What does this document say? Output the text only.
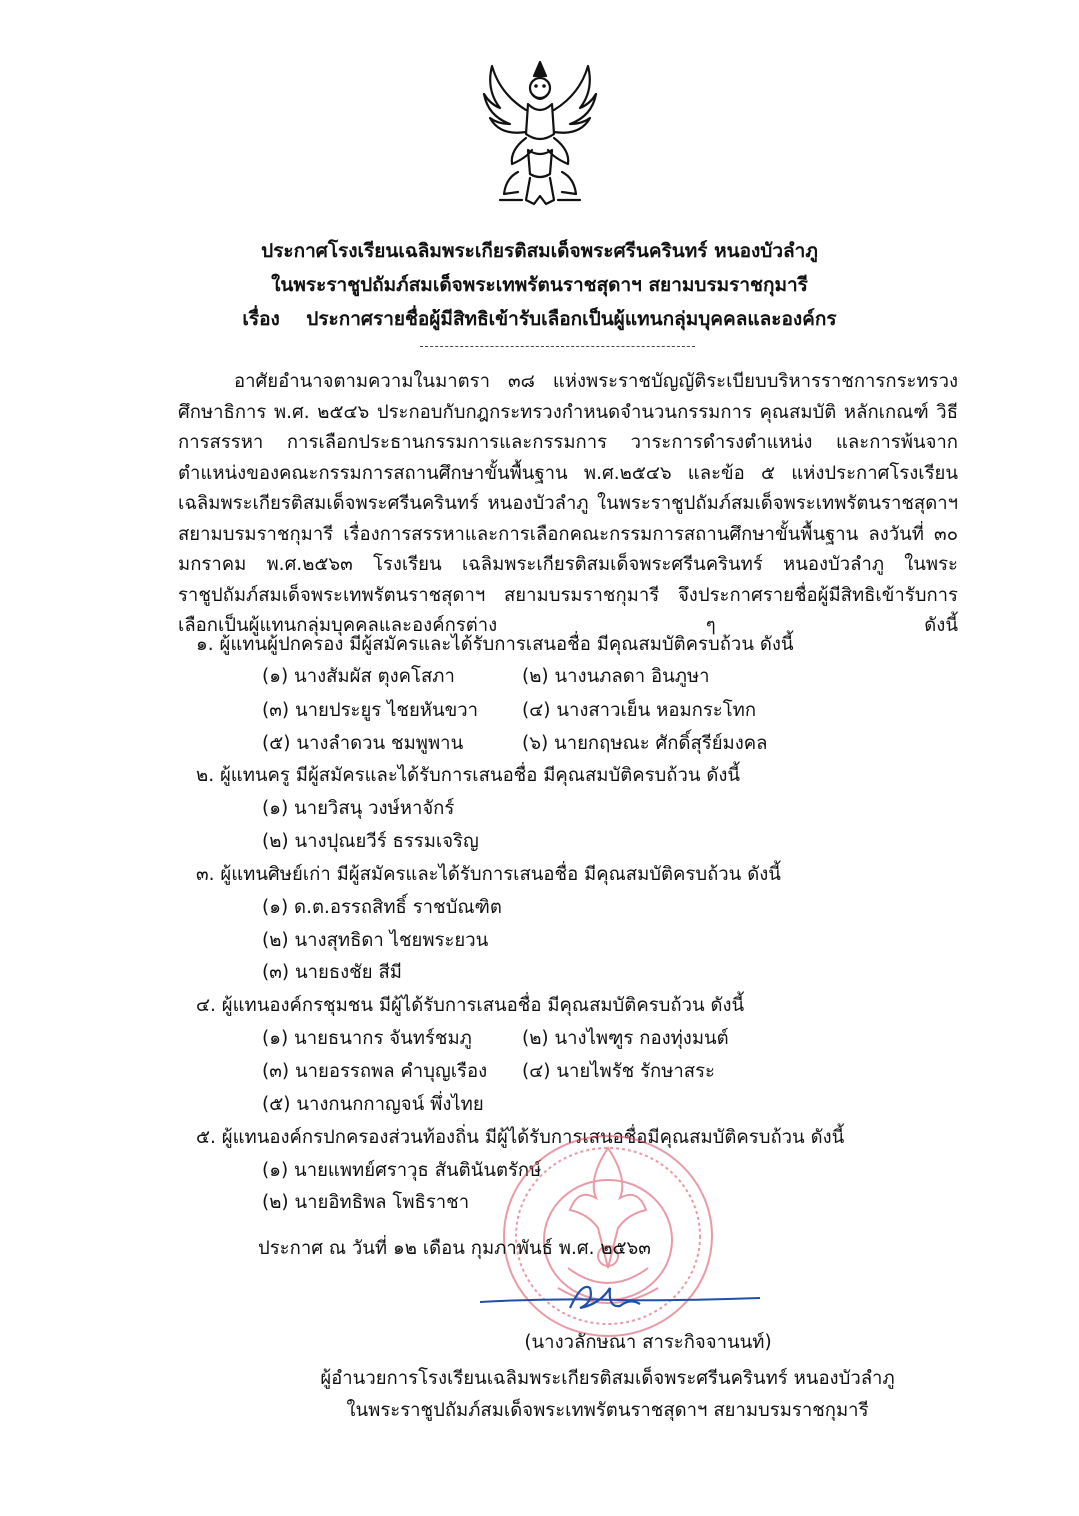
ประกาศโรงเรียนเฉลิมพระเกียรติสมเด็จพระศรีนครินทร์ หนองบัวลำภู
ในพระราชูปถัมภ์สมเด็จพระเทพรัตนราชสุดาฯ สยามบรมราชกุมารี
เรื่อง ประกาศรายชื่อผู้มีสิทธิเข้ารับเลือกเป็นผู้แทนกลุ่มบุคคลและองค์กร

อาศัยอำนาจตามความในมาตรา ๓๘ แห่งพระราชบัญญัติระเบียบบริหารราชการกระทรวงศึกษาธิการ พ.ศ. ๒๕๔๖ ประกอบกับกฎกระทรวงกำหนดจำนวนกรรมการ คุณสมบัติ หลักเกณฑ์ วิธีการสรรหา การเลือกประธานกรรมการและกรรมการ วาระการดำรงตำแหน่ง และการพ้นจากตำแหน่งของคณะกรรมการสถานศึกษาขั้นพื้นฐาน พ.ศ.๒๕๔๖ และข้อ ๕ แห่งประกาศโรงเรียนเฉลิมพระเกียรติสมเด็จพระศรีนครินทร์ หนองบัวลำภู ในพระราชูปถัมภ์สมเด็จพระเทพรัตนราชสุดาฯ สยามบรมราชกุมารี เรื่องการสรรหาและการเลือกคณะกรรมการสถานศึกษาขั้นพื้นฐาน ลงวันที่ ๓๐ มกราคม พ.ศ.๒๕๖๓ โรงเรียน เฉลิมพระเกียรติสมเด็จพระศรีนครินทร์ หนองบัวลำภู ในพระราชูปถัมภ์สมเด็จพระเทพรัตนราชสุดาฯ สยามบรมราชกุมารี จึงประกาศรายชื่อผู้มีสิทธิเข้ารับการเลือกเป็นผู้แทนกลุ่มบุคคลและองค์กรต่าง ๆ ดังนี้

๑. ผู้แทนผู้ปกครอง มีผู้สมัครและได้รับการเสนอชื่อ มีคุณสมบัติครบถ้วน ดังนี้
(๑) นางสัมผัส ตุงคโสภา	(๒) นางนภลดา อินภูษา
(๓) นายประยูร ไชยหันขวา (๔) นางสาวเย็น หอมกระโทก
(๕) นางลำดวน ชมพูพาน	(๖) นายกฤษณะ ศักดิ์สุรีย์มงคล
๒. ผู้แทนครู มีผู้สมัครและได้รับการเสนอชื่อ มีคุณสมบัติครบถ้วน ดังนี้
(๑) นายวิสนุ วงษ์หาจักร์
(๒) นางปุณยวีร์ ธรรมเจริญ
๓. ผู้แทนศิษย์เก่า มีผู้สมัครและได้รับการเสนอชื่อ มีคุณสมบัติครบถ้วน ดังนี้
(๑) ด.ต.อรรถสิทธิ์ ราชบัณฑิต
(๒) นางสุทธิดา ไชยพระยวน
(๓) นายธงชัย สีมี
๔. ผู้แทนองค์กรชุมชน มีผู้ได้รับการเสนอชื่อ มีคุณสมบัติครบถ้วน ดังนี้
(๑) นายธนากร จันทร์ชมภู	(๒) นางไพฑูร กองทุ่งมนต์
(๓) นายอรรถพล คำบุญเรือง (๔) นายไพรัช รักษาสระ
(๕) นางกนกกาญจน์ พึ่งไทย
๕. ผู้แทนองค์กรปกครองส่วนท้องถิ่น มีผู้ได้รับการเสนอชื่อมีคุณสมบัติครบถ้วน ดังนี้
(๑) นายแพทย์ศราวุธ สันตินันตรักษ์
(๒) นายอิทธิพล โพธิราชา
ประกาศ ณ วันที่ ๑๒ เดือน กุมภาพันธ์ พ.ศ. ๒๕๖๓
(นางวลักษณา สาระกิจจานนท์)
ผู้อำนวยการโรงเรียนเฉลิมพระเกียรติสมเด็จพระศรีนครินทร์ หนองบัวลำภู
ในพระราชูปถัมภ์สมเด็จพระเทพรัตนราชสุดาฯ สยามบรมราชกุมารี
